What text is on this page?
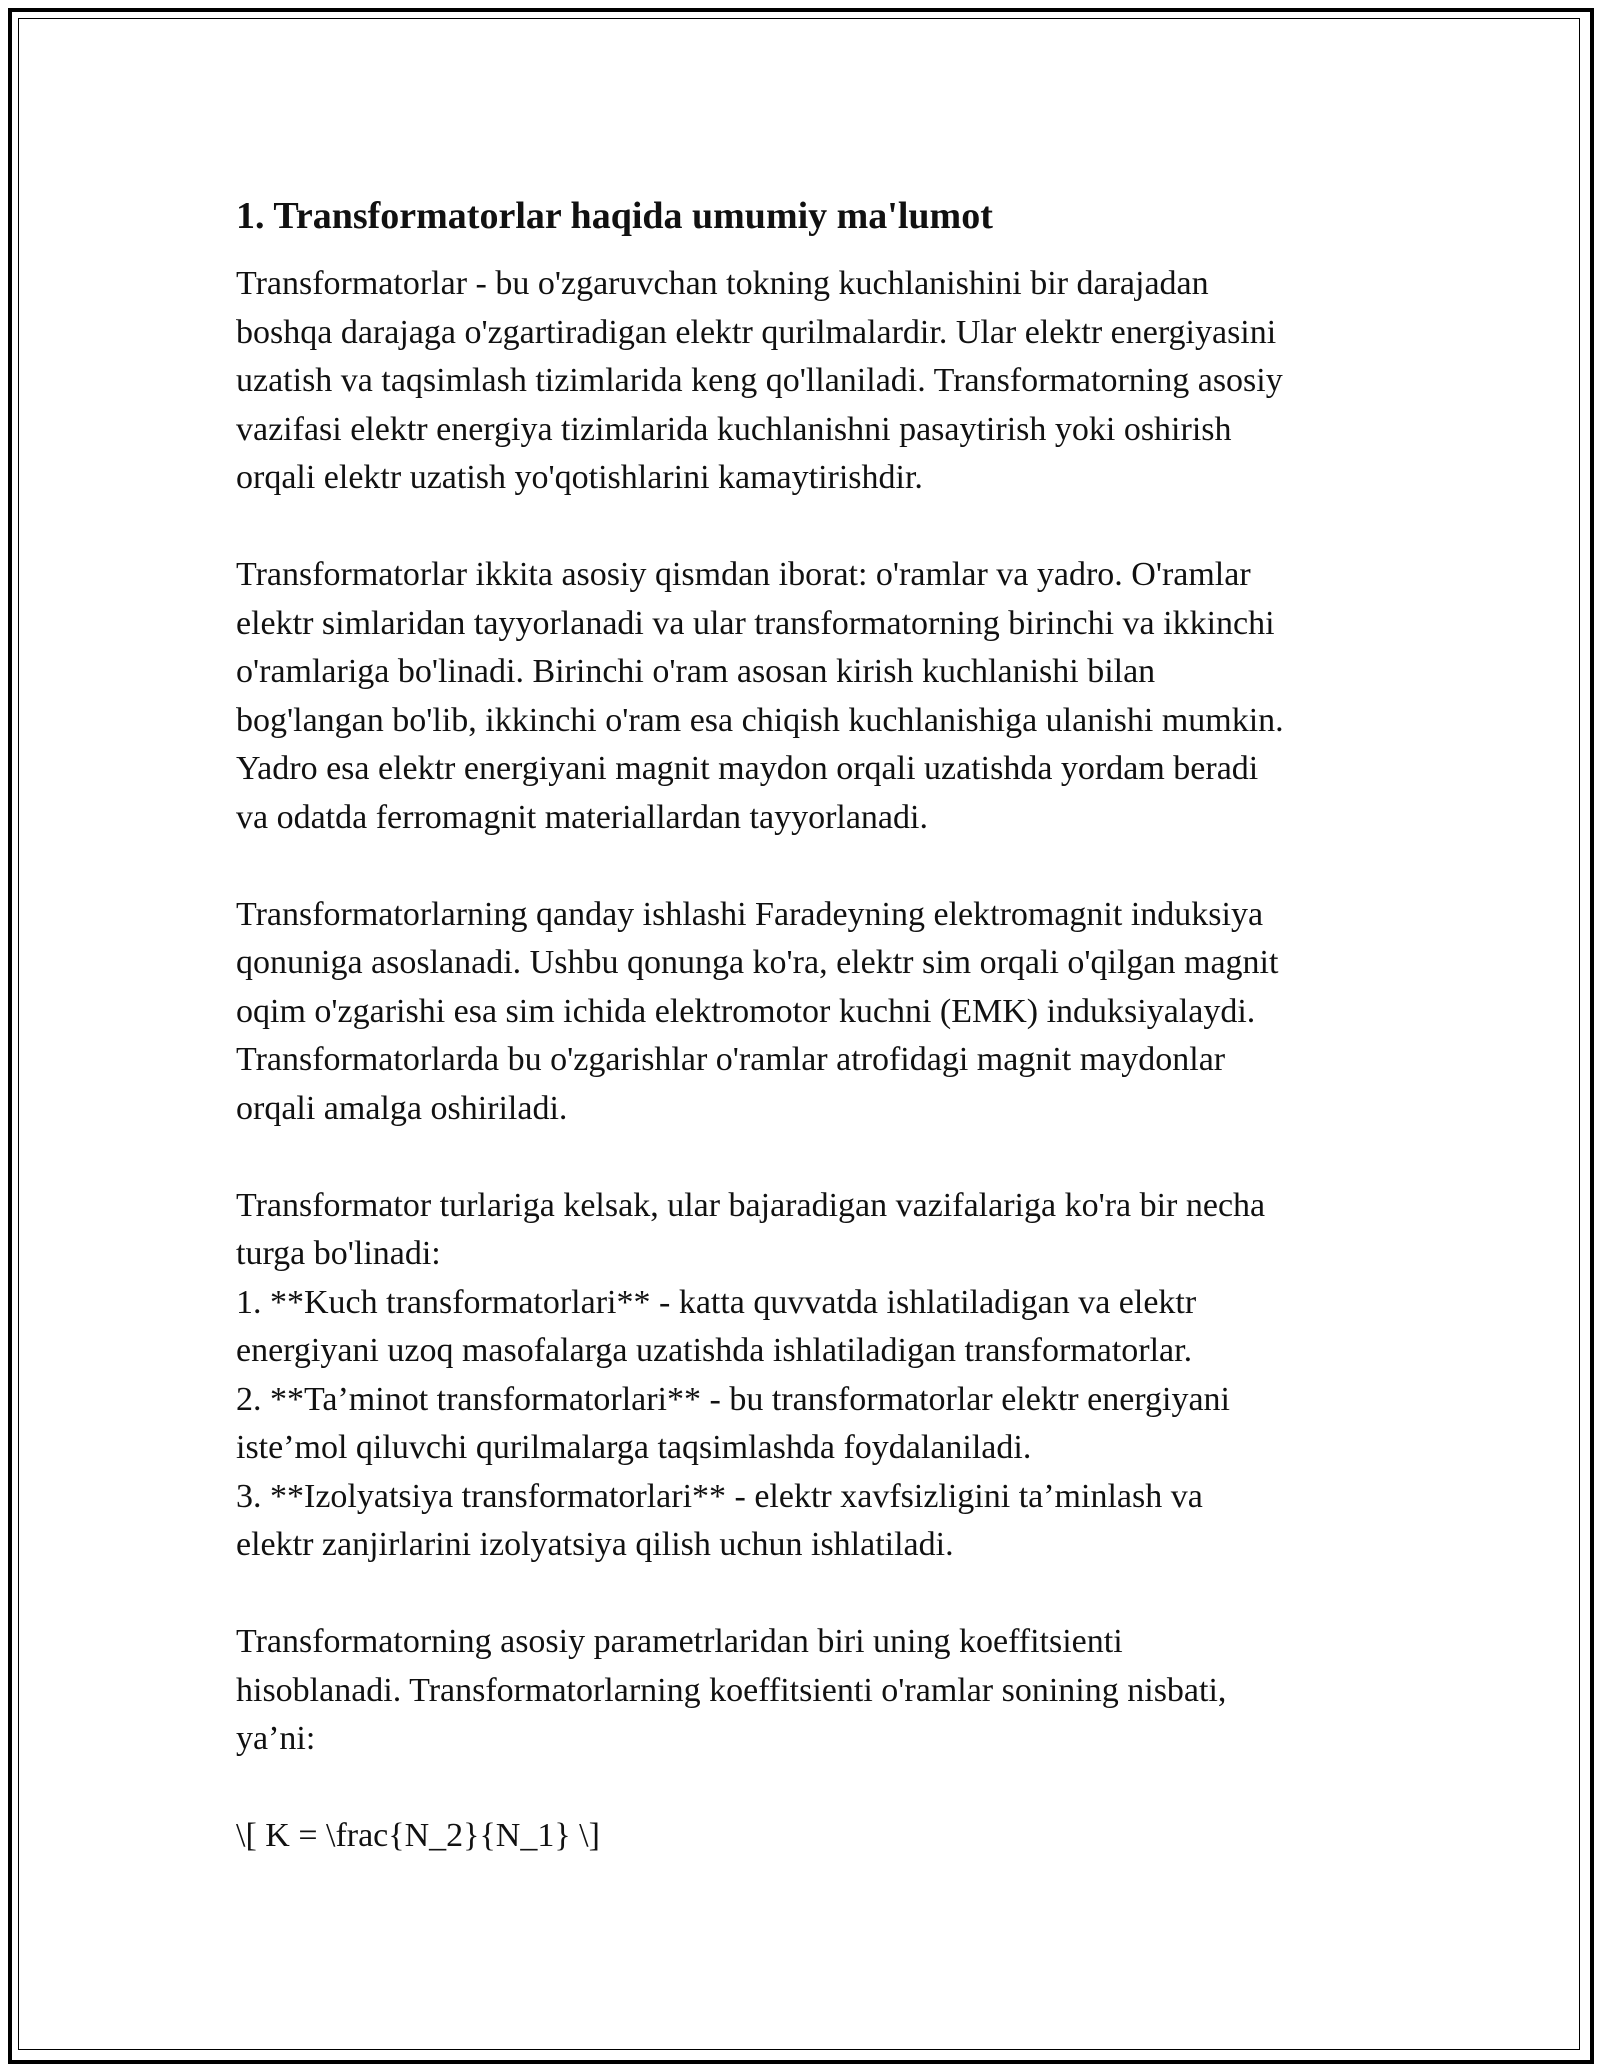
1. Transformatorlar haqida umumiy ma'lumot

Transformatorlar - bu o'zgaruvchan tokning kuchlanishini bir darajadan
boshqa darajaga o'zgartiradigan elektr qurilmalardir. Ular elektr energiyasini
uzatish va taqsimlash tizimlarida keng qo'llaniladi. Transformatorning asosiy
vazifasi elektr energiya tizimlarida kuchlanishni pasaytirish yoki oshirish
orqali elektr uzatish yo'qotishlarini kamaytirishdir.

Transformatorlar ikkita asosiy qismdan iborat: o'ramlar va yadro. O'ramlar
elektr simlaridan tayyorlanadi va ular transformatorning birinchi va ikkinchi
o'ramlariga bo'linadi. Birinchi o'ram asosan kirish kuchlanishi bilan
bog'langan bo'lib, ikkinchi o'ram esa chiqish kuchlanishiga ulanishi mumkin.
Yadro esa elektr energiyani magnit maydon orqali uzatishda yordam beradi
va odatda ferromagnit materiallardan tayyorlanadi.

Transformatorlarning qanday ishlashi Faradeyning elektromagnit induksiya
qonuniga asoslanadi. Ushbu qonunga ko'ra, elektr sim orqali o'qilgan magnit
oqim o'zgarishi esa sim ichida elektromotor kuchni (EMK) induksiyalaydi.
Transformatorlarda bu o'zgarishlar o'ramlar atrofidagi magnit maydonlar
orqali amalga oshiriladi.

Transformator turlariga kelsak, ular bajaradigan vazifalariga ko'ra bir necha
turga bo'linadi:
1. **Kuch transformatorlari** - katta quvvatda ishlatiladigan va elektr
energiyani uzoq masofalarga uzatishda ishlatiladigan transformatorlar.
2. **Ta’minot transformatorlari** - bu transformatorlar elektr energiyani
iste’mol qiluvchi qurilmalarga taqsimlashda foydalaniladi.
3. **Izolyatsiya transformatorlari** - elektr xavfsizligini ta’minlash va
elektr zanjirlarini izolyatsiya qilish uchun ishlatiladi.

Transformatorning asosiy parametrlaridan biri uning koeffitsienti
hisoblanadi. Transformatorlarning koeffitsienti o'ramlar sonining nisbati,
ya’ni:

\[ K = \frac{N_2}{N_1} \]
